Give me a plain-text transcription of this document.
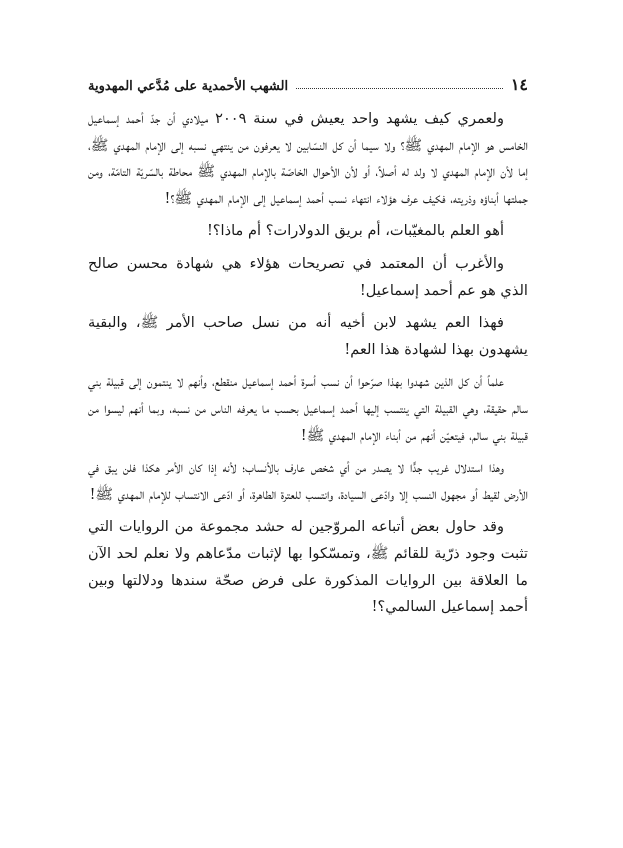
١٤
الشهب الأحمدية على مُدَّعي المهدوية

ولعمري كيف يشهد واحد يعيش في سنة ٢٠٠٩ ميلادي أن جدّ أحمد إسماعيل الخامس هو الإمام المهدي ﷺ؟ ولا سيما أن كل النسّابين لا يعرفون من ينتهي نسبه إلى الإمام المهدي ﷺ، إما لأن الإمام المهدي لا ولد له أصلاً، أو لأن الأحوال الخاصّة بالإمام المهدي ﷺ محاطة بالسّريّة التامّة، ومن جملتها أبناؤه وذريته، فكيف عرف هؤلاء انتهاء نسب أحمد إسماعيل إلى الإمام المهدي ﷺ؟!

أهو العلم بالمغيّبات، أم بريق الدولارات؟ أم ماذا؟!

والأغرب أن المعتمد في تصريحات هؤلاء هي شهادة محسن صالح الذي هو عم أحمد إسماعيل!

فهذا العم يشهد لابن أخيه أنه من نسل صاحب الأمر ﷺ، والبقية يشهدون بهذا لشهادة هذا العم!

علماً أن كل الذين شهدوا بهذا صرّحوا أن نسب أسرة أحمد إسماعيل منقطع، وأنهم لا ينتمون إلى قبيلة بني سالم حقيقة، وهي القبيلة التي ينتسب إليها أحمد إسماعيل بحسب ما يعرفه الناس من نسبه، وبما أنهم ليسوا من قبيلة بني سالم، فيتعيّن أنهم من أبناء الإمام المهدي ﷺ!

وهذا استدلال غريب جدًّا لا يصدر من أي شخص عارف بالأنساب؛ لأنه إذا كان الأمر هكذا فلن يبق في الأرض لقيط أو مجهول النسب إلا وادّعى السيادة، وانتسب للعترة الطاهرة، أو ادّعى الانتساب للإمام المهدي ﷺ!

وقد حاول بعض أتباعه المروّجين له حشد مجموعة من الروايات التي تثبت وجود ذرّية للقائم ﷺ، وتمسّكوا بها لإثبات مدّعاهم ولا نعلم لحد الآن ما العلاقة بين الروايات المذكورة على فرض صحّة سندها ودلالتها وبين أحمد إسماعيل السالمي؟!
